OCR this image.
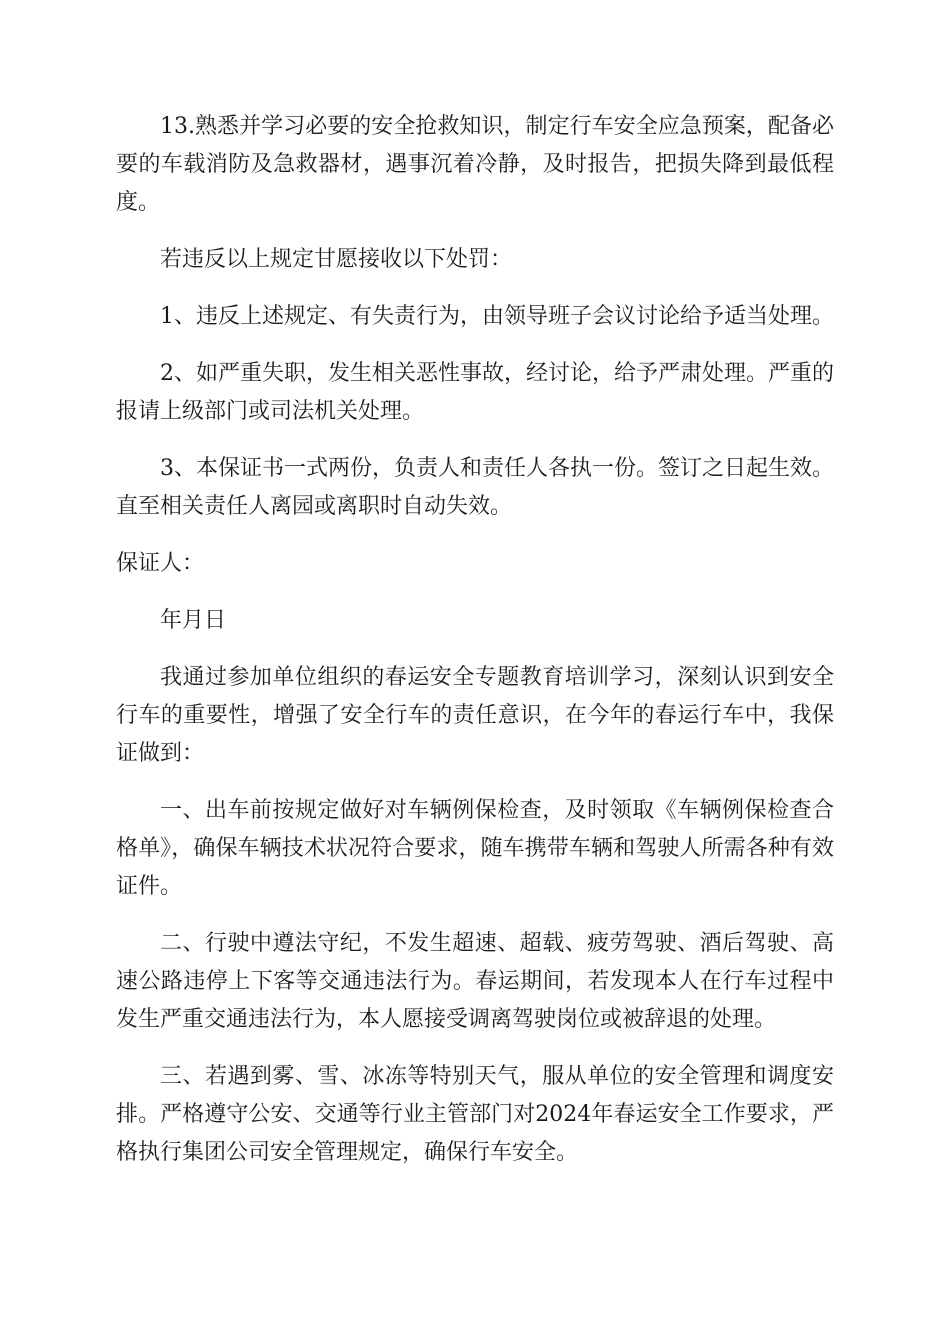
13.熟悉并学习必要的安全抢救知识，制定行车安全应急预案，配备必要的车载消防及急救器材，遇事沉着冷静，及时报告，把损失降到最低程度。

若违反以上规定甘愿接收以下处罚：

1、违反上述规定、有失责行为，由领导班子会议讨论给予适当处理。

2、如严重失职，发生相关恶性事故，经讨论，给予严肃处理。严重的报请上级部门或司法机关处理。

3、本保证书一式两份，负责人和责任人各执一份。签订之日起生效。直至相关责任人离园或离职时自动失效。

保证人：

年月日

我通过参加单位组织的春运安全专题教育培训学习，深刻认识到安全行车的重要性，增强了安全行车的责任意识，在今年的春运行车中，我保证做到：

一、出车前按规定做好对车辆例保检查，及时领取《车辆例保检查合格单》，确保车辆技术状况符合要求，随车携带车辆和驾驶人所需各种有效证件。

二、行驶中遵法守纪，不发生超速、超载、疲劳驾驶、酒后驾驶、高速公路违停上下客等交通违法行为。春运期间，若发现本人在行车过程中发生严重交通违法行为，本人愿接受调离驾驶岗位或被辞退的处理。

三、若遇到雾、雪、冰冻等特别天气，服从单位的安全管理和调度安排。严格遵守公安、交通等行业主管部门对2024年春运安全工作要求，严格执行集团公司安全管理规定，确保行车安全。
